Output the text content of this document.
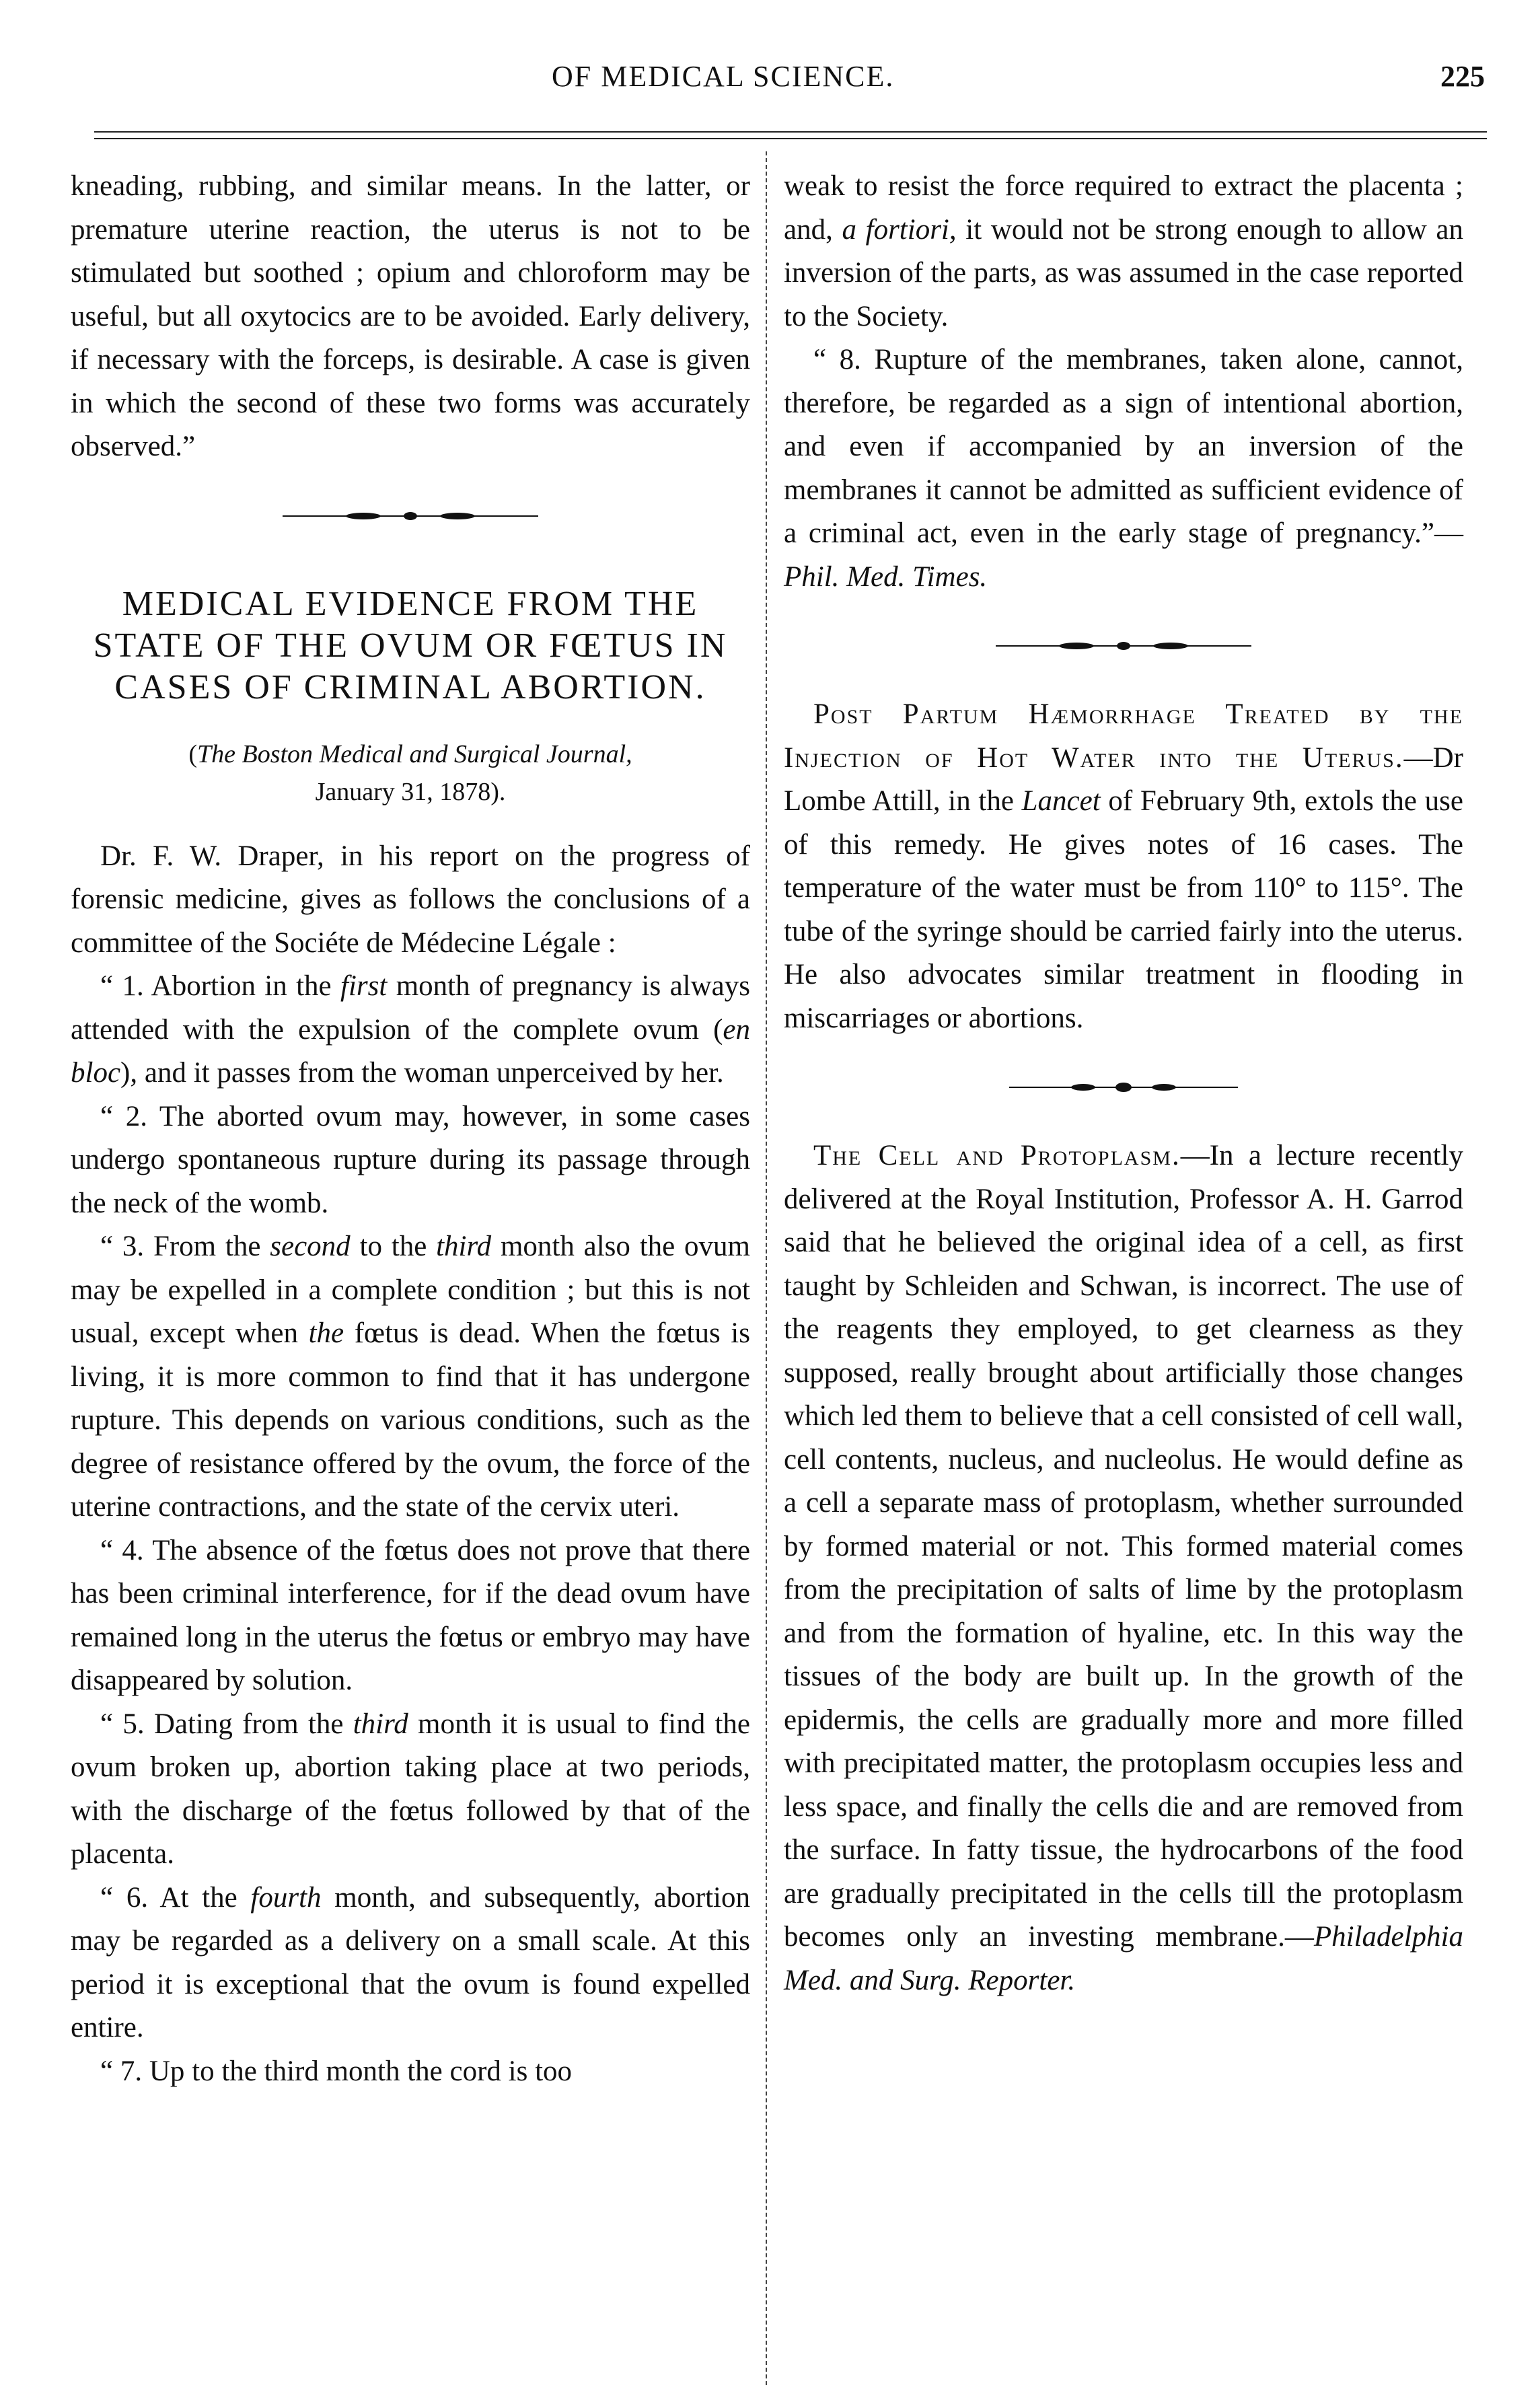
OF MEDICAL SCIENCE.	225

kneading, rubbing, and similar means. In the latter, or premature uterine reaction, the uterus is not to be stimulated but soothed ; opium and chloroform may be useful, but all oxytocics are to be avoided. Early delivery, if necessary with the forceps, is desirable. A case is given in which the second of these two forms was accurately observed.”

MEDICAL EVIDENCE FROM THE STATE OF THE OVUM OR FŒTUS IN CASES OF CRIMINAL ABORTION.
(The Boston Medical and Surgical Journal,
January 31, 1878).

Dr. F. W. Draper, in his report on the progress of forensic medicine, gives as follows the conclusions of a committee of the Sociéte de Médecine Légale :

“ 1. Abortion in the first month of pregnancy is always attended with the expulsion of the complete ovum (en bloc), and it passes from the woman unperceived by her.

“ 2. The aborted ovum may, however, in some cases undergo spontaneous rupture during its passage through the neck of the womb.

“ 3. From the second to the third month also the ovum may be expelled in a complete condition ; but this is not usual, except when the fœtus is dead. When the fœtus is living, it is more common to find that it has undergone rupture. This depends on various conditions, such as the degree of resistance offered by the ovum, the force of the uterine contractions, and the state of the cervix uteri.

“ 4. The absence of the fœtus does not prove that there has been criminal interference, for if the dead ovum have remained long in the uterus the fœtus or embryo may have disappeared by solution.

“ 5. Dating from the third month it is usual to find the ovum broken up, abortion taking place at two periods, with the discharge of the fœtus followed by that of the placenta.

“ 6. At the fourth month, and subsequently, abortion may be regarded as a delivery on a small scale. At this period it is exceptional that the ovum is found expelled entire.

“ 7. Up to the third month the cord is too

weak to resist the force required to extract the placenta ; and, a fortiori, it would not be strong enough to allow an inversion of the parts, as was assumed in the case reported to the Society.

“ 8. Rupture of the membranes, taken alone, cannot, therefore, be regarded as a sign of intentional abortion, and even if accompanied by an inversion of the membranes it cannot be admitted as sufficient evidence of a criminal act, even in the early stage of pregnancy.”—Phil. Med. Times.

Post Partum Hæmorrhage Treated by the Injection of Hot Water into the Uterus.—Dr Lombe Attill, in the Lancet of February 9th, extols the use of this remedy. He gives notes of 16 cases. The temperature of the water must be from 110° to 115°. The tube of the syringe should be carried fairly into the uterus. He also advocates similar treatment in flooding in miscarriages or abortions.

The Cell and Protoplasm.—In a lecture recently delivered at the Royal Institution, Professor A. H. Garrod said that he believed the original idea of a cell, as first taught by Schleiden and Schwan, is incorrect. The use of the reagents they employed, to get clearness as they supposed, really brought about artificially those changes which led them to believe that a cell consisted of cell wall, cell contents, nucleus, and nucleolus. He would define as a cell a separate mass of protoplasm, whether surrounded by formed material or not. This formed material comes from the precipitation of salts of lime by the protoplasm and from the formation of hyaline, etc. In this way the tissues of the body are built up. In the growth of the epidermis, the cells are gradually more and more filled with precipitated matter, the protoplasm occupies less and less space, and finally the cells die and are removed from the surface. In fatty tissue, the hydrocarbons of the food are gradually precipitated in the cells till the protoplasm becomes only an investing membrane.—Philadelphia Med. and Surg. Reporter.
